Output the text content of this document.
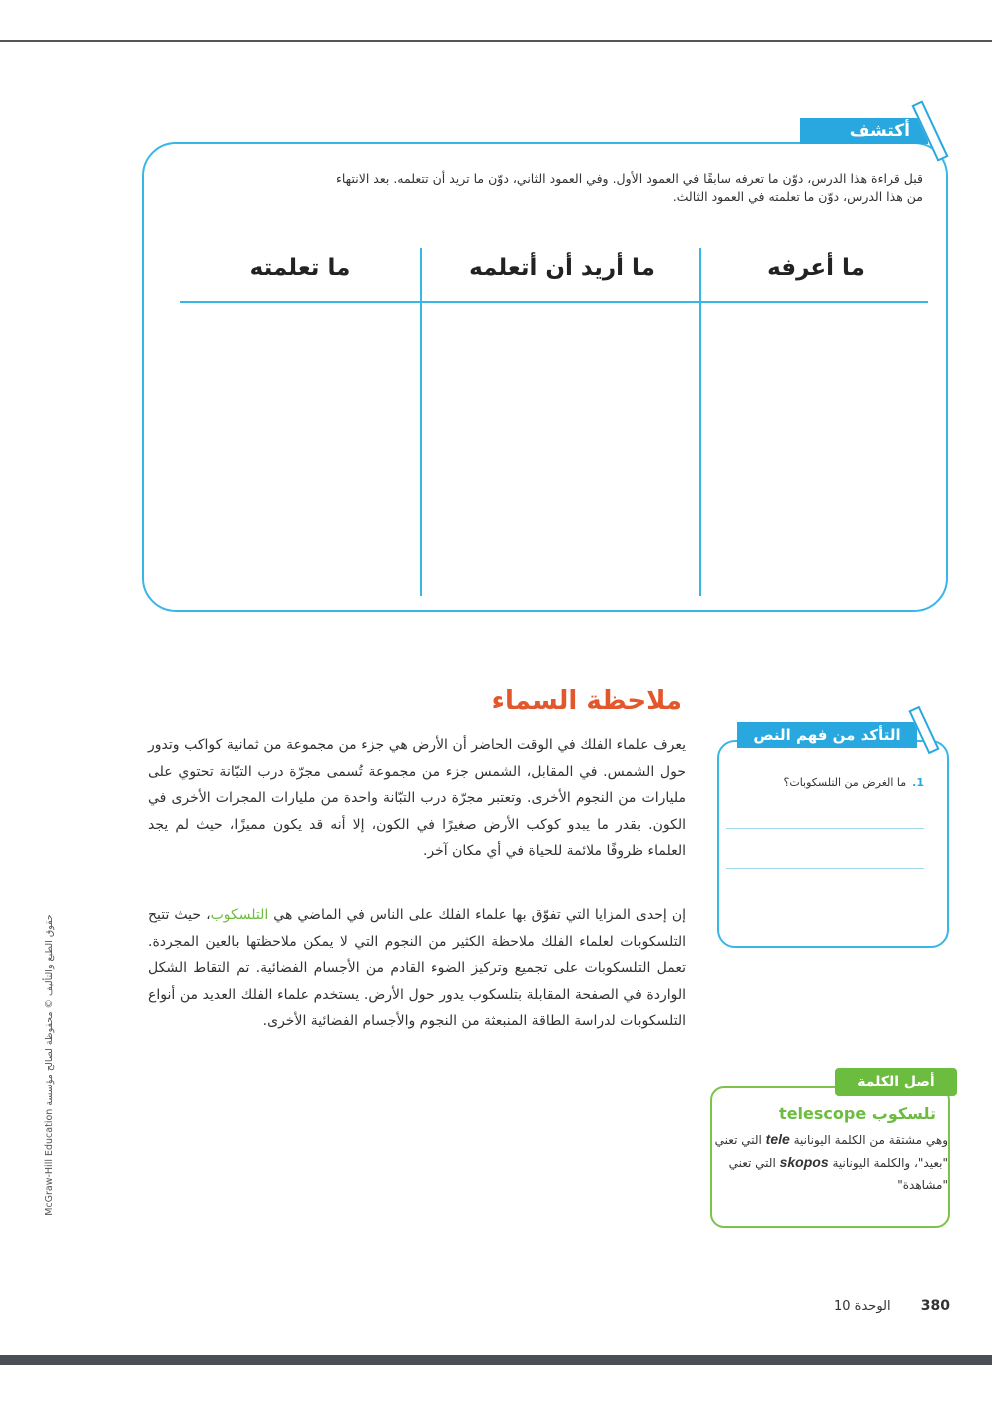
أكتشف
قبل قراءة هذا الدرس، دوّن ما تعرفه سابقًا في العمود الأول. وفي العمود الثاني، دوّن ما تريد أن تتعلمه. بعد الانتهاء
من هذا الدرس، دوّن ما تعلمته في العمود الثالث.
ما أعرفه
ما أريد أن أتعلمه
ما تعلمته
ملاحظة السماء
يعرف علماء الفلك في الوقت الحاضر أن الأرض هي جزء من مجموعة من ثمانية كواكب وتدور حول الشمس. في المقابل، الشمس جزء من مجموعة تُسمى مجرّة درب التبّانة تحتوي على مليارات من النجوم الأخرى. وتعتبر مجرّة درب التبّانة واحدة من مليارات المجرات الأخرى في الكون. بقدر ما يبدو كوكب الأرض صغيرًا في الكون، إلا أنه قد يكون مميزًا، حيث لم يجد العلماء ظروفًا ملائمة للحياة في أي مكان آخر.
إن إحدى المزايا التي تفوّق بها علماء الفلك على الناس في الماضي هي التلسكوب، حيث تتيح التلسكوبات لعلماء الفلك ملاحظة الكثير من النجوم التي لا يمكن ملاحظتها بالعين المجردة. تعمل التلسكوبات على تجميع وتركيز الضوء القادم من الأجسام الفضائية. تم التقاط الشكل الواردة في الصفحة المقابلة بتلسكوب يدور حول الأرض. يستخدم علماء الفلك العديد من أنواع التلسكوبات لدراسة الطاقة المنبعثة من النجوم والأجسام الفضائية الأخرى.
التأكد من فهم النص
1.ما الغرض من التلسكوبات؟
أصل الكلمة
تلسكوب telescope
وهي مشتقة من الكلمة اليونانية tele التي تعني "بعيد"، والكلمة اليونانية skopos التي تعني "مشاهدة"
McGraw-Hill Education حقوق الطبع والتأليف © محفوظة لصالح مؤسسة
380 الوحدة 10
